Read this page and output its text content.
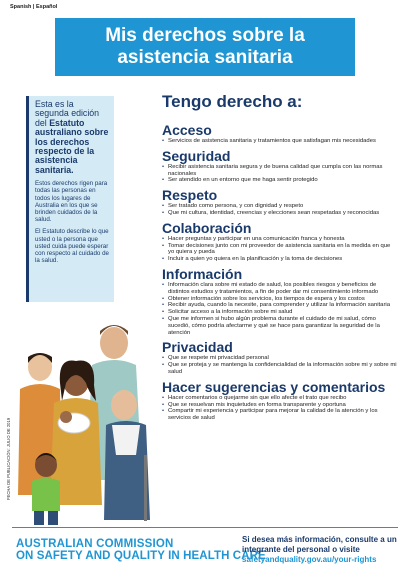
Spanish | Español
Mis derechos sobre la
asistencia sanitaria

Esta es la segunda edición del Estatuto australiano sobre los derechos respecto de la asistencia sanitaria.

Estos derechos rigen para todas las personas en todos los lugares de Australia en los que se brinden cuidados de la salud.

El Estatuto describe lo que usted o la persona que usted cuida puede esperar con respecto al cuidado de la salud.

Tengo derecho a:
Acceso
• Servicios de asistencia sanitaria y tratamientos que satisfagan mis necesidades
Seguridad
• Recibir asistencia sanitaria segura y de buena calidad que cumpla con las normas nacionales
• Ser atendido en un entorno que me haga sentir protegido
Respeto
• Ser tratado como persona, y con dignidad y respeto
• Que mi cultura, identidad, creencias y elecciones sean respetadas y reconocidas
Colaboración
• Hacer preguntas y participar en una comunicación franca y honesta
• Tomar decisiones junto con mi proveedor de asistencia sanitaria en la medida en que yo quiera y pueda
• Incluir a quien yo quiera en la planificación y la toma de decisiones
Información
• Información clara sobre mi estado de salud, los posibles riesgos y beneficios de distintos estudios y tratamientos, a fin de poder dar mi consentimiento informado
• Obtener información sobre los servicios, los tiempos de espera y los costos
• Recibir ayuda, cuando la necesite, para comprender y utilizar la información sanitaria
• Solicitar acceso a la información sobre mi salud
• Que me informen si hubo algún problema durante el cuidado de mi salud, cómo sucedió, cómo podría afectarme y qué se hace para garantizar la seguridad de la atención
Privacidad
• Que se respete mi privacidad personal
• Que se proteja y se mantenga la confidencialidad de la información sobre mi y sobre mi salud
Hacer sugerencias y comentarios
• Hacer comentarios o quejarme sin que ello afecte el trato que recibo
• Que se resuelvan mis inquietudes en forma transparente y oportuna
• Compartir mi experiencia y participar para mejorar la calidad de la atención y los servicios de salud
FECHA DE PUBLICACIÓN: JULIO DE 2019
AUSTRALIAN COMMISSION
ON SAFETY AND QUALITY IN HEALTH CARE
Si desea más información, consulte a un integrante del personal o visite
safetyandquality.gov.au/your-rights
